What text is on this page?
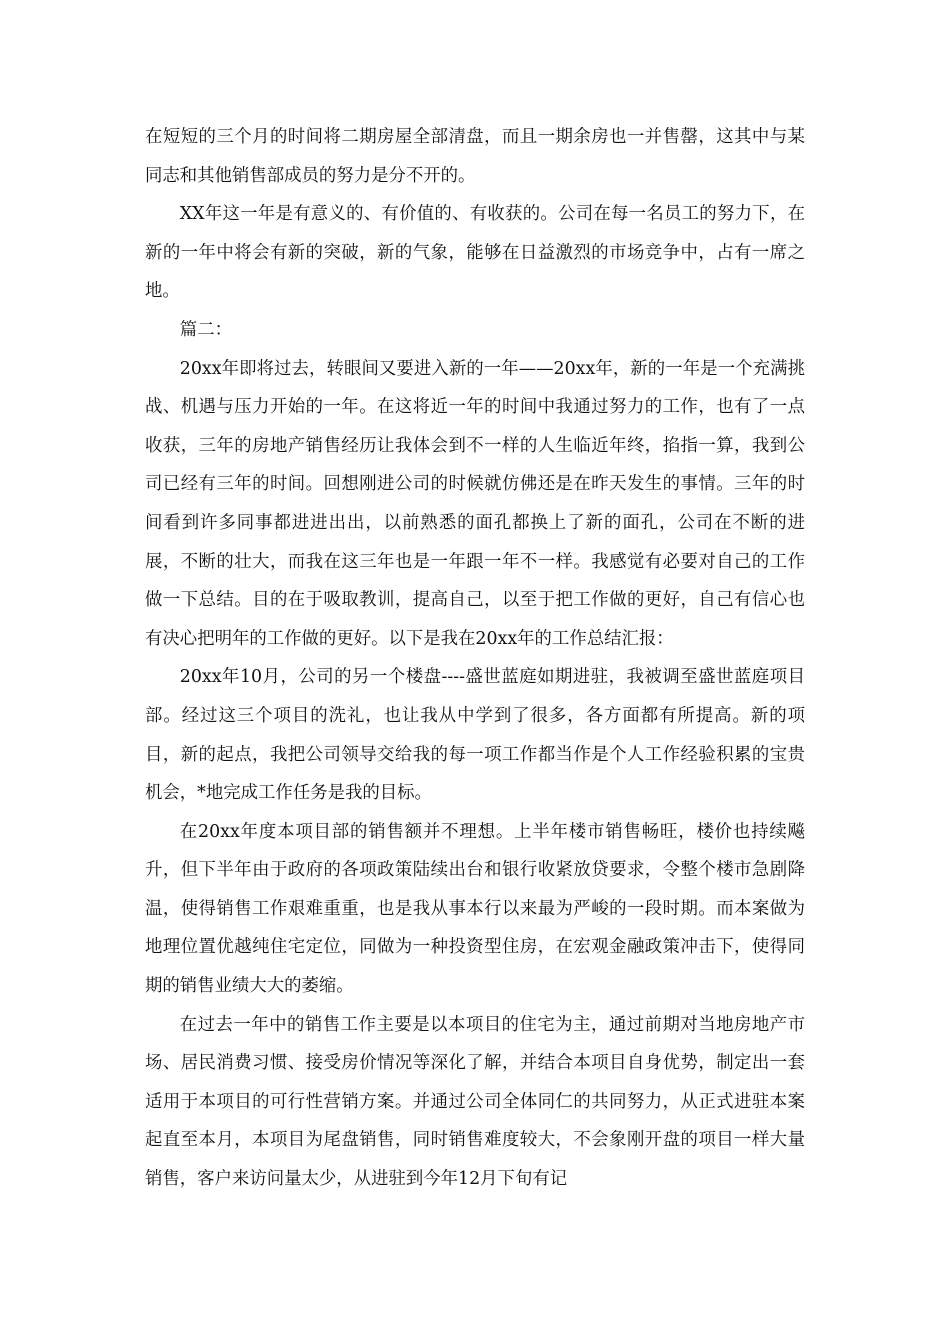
在短短的三个月的时间将二期房屋全部清盘，而且一期余房也一并售罄，这其中与某同志和其他销售部成员的努力是分不开的。

XX年这一年是有意义的、有价值的、有收获的。公司在每一名员工的努力下，在新的一年中将会有新的突破，新的气象，能够在日益激烈的市场竞争中，占有一席之地。

篇二：

20xx年即将过去，转眼间又要进入新的一年——20xx年，新的一年是一个充满挑战、机遇与压力开始的一年。在这将近一年的时间中我通过努力的工作，也有了一点收获，三年的房地产销售经历让我体会到不一样的人生临近年终，掐指一算，我到公司已经有三年的时间。回想刚进公司的时候就仿佛还是在昨天发生的事情。三年的时间看到许多同事都进进出出，以前熟悉的面孔都换上了新的面孔，公司在不断的进展，不断的壮大，而我在这三年也是一年跟一年不一样。我感觉有必要对自己的工作做一下总结。目的在于吸取教训，提高自己，以至于把工作做的更好，自己有信心也有决心把明年的工作做的更好。以下是我在20xx年的工作总结汇报：

20xx年10月，公司的另一个楼盘----盛世蓝庭如期进驻，我被调至盛世蓝庭项目部。经过这三个项目的洗礼，也让我从中学到了很多，各方面都有所提高。新的项目，新的起点，我把公司领导交给我的每一项工作都当作是个人工作经验积累的宝贵机会，*地完成工作任务是我的目标。

在20xx年度本项目部的销售额并不理想。上半年楼市销售畅旺，楼价也持续飚升，但下半年由于政府的各项政策陆续出台和银行收紧放贷要求，令整个楼市急剧降温，使得销售工作艰难重重，也是我从事本行以来最为严峻的一段时期。而本案做为地理位置优越纯住宅定位，同做为一种投资型住房，在宏观金融政策冲击下，使得同期的销售业绩大大的萎缩。

在过去一年中的销售工作主要是以本项目的住宅为主，通过前期对当地房地产市场、居民消费习惯、接受房价情况等深化了解，并结合本项目自身优势，制定出一套适用于本项目的可行性营销方案。并通过公司全体同仁的共同努力，从正式进驻本案起直至本月，本项目为尾盘销售，同时销售难度较大，不会象刚开盘的项目一样大量销售，客户来访问量太少，从进驻到今年12月下旬有记
